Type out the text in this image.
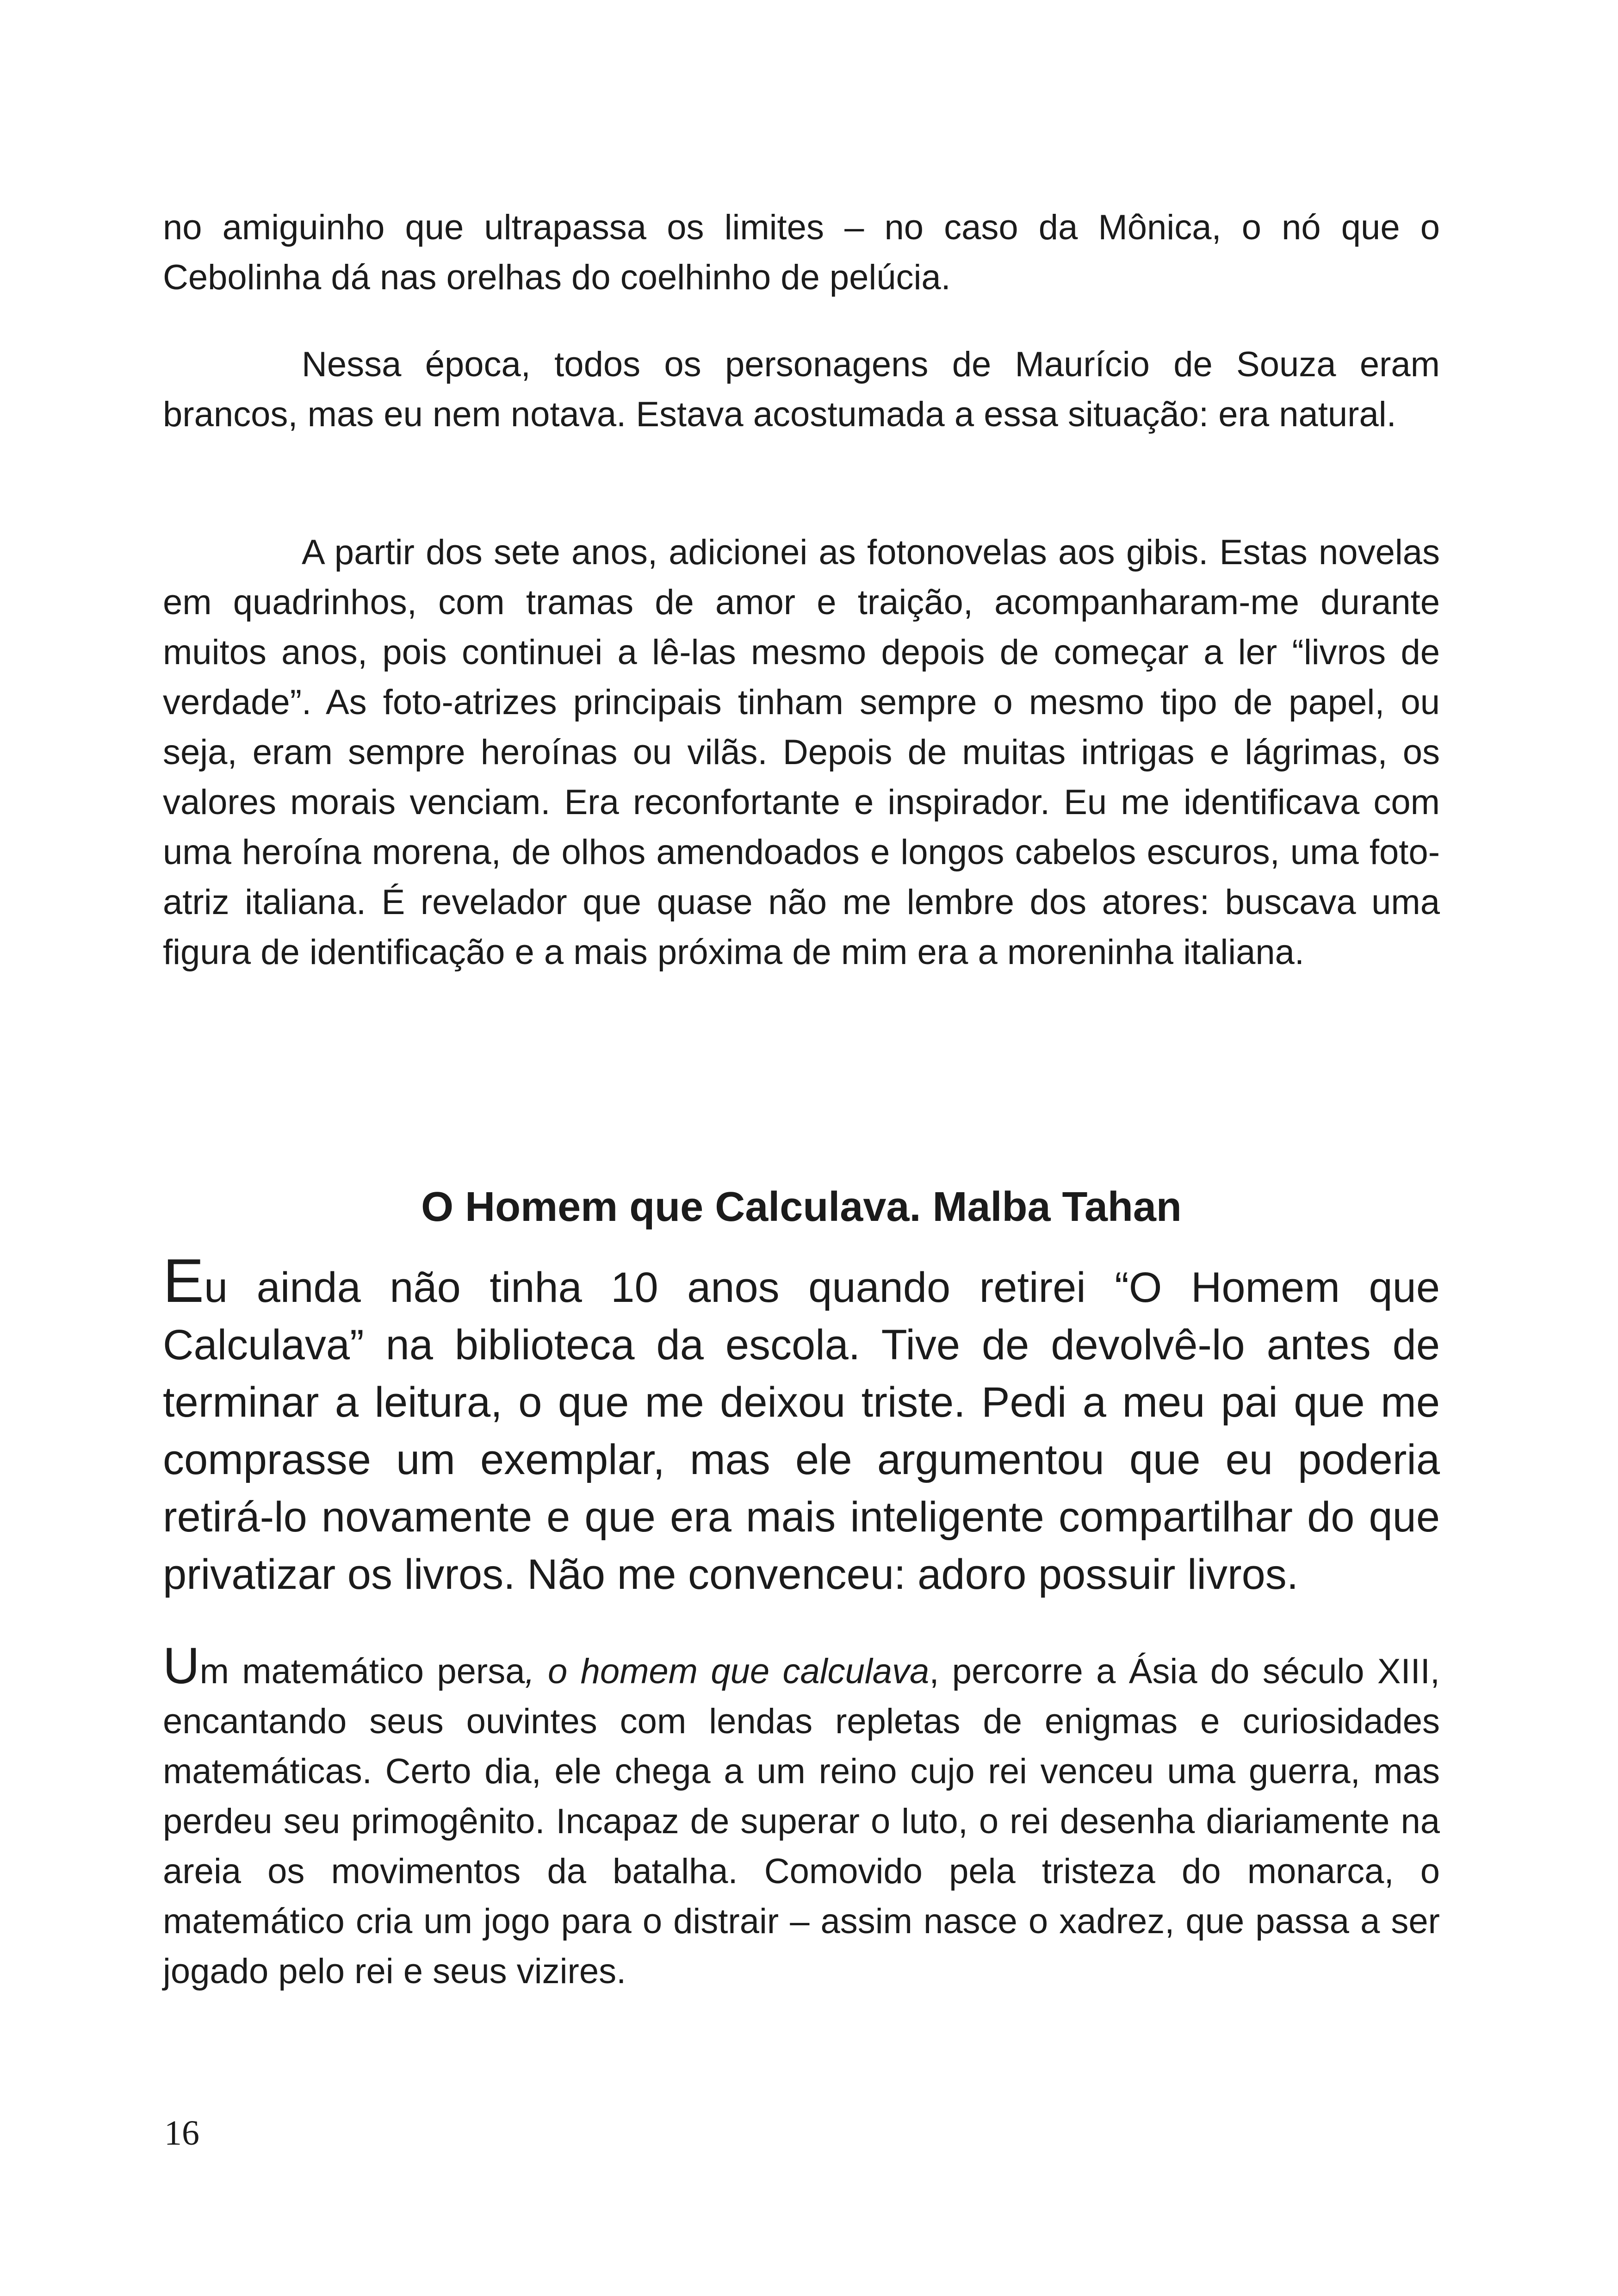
no amiguinho que ultrapassa os limites – no caso da Mônica, o nó que o Cebolinha dá nas orelhas do coelhinho de pelúcia.

Nessa época, todos os personagens de Maurício de Souza eram brancos, mas eu nem notava. Estava acostumada a essa situação: era natural.

A partir dos sete anos, adicionei as fotonovelas aos gibis. Estas novelas em quadrinhos, com tramas de amor e traição, acompanharam-me durante muitos anos, pois continuei a lê-las mesmo depois de começar a ler “livros de verdade”. As foto-atrizes principais tinham sempre o mesmo tipo de papel, ou seja, eram sempre heroínas ou vilãs. Depois de muitas intrigas e lágrimas, os valores morais venciam. Era reconfortante e inspirador. Eu me identificava com uma heroína morena, de olhos amendoados e longos cabelos escuros, uma foto-atriz italiana. É revelador que quase não me lembre dos atores: buscava uma figura de identificação e a mais próxima de mim era a moreninha italiana.

O Homem que Calculava. Malba Tahan

Eu ainda não tinha 10 anos quando retirei “O Homem que Calculava” na biblioteca da escola. Tive de devolvê-lo antes de terminar a leitura, o que me deixou triste. Pedi a meu pai que me comprasse um exemplar, mas ele argumentou que eu poderia retirá-lo novamente e que era mais inteligente compartilhar do que privatizar os livros. Não me convenceu: adoro possuir livros.

Um matemático persa, o homem que calculava, percorre a Ásia do século XIII, encantando seus ouvintes com lendas repletas de enigmas e curiosidades matemáticas. Certo dia, ele chega a um reino cujo rei venceu uma guerra, mas perdeu seu primogênito. Incapaz de superar o luto, o rei desenha diariamente na areia os movimentos da batalha. Comovido pela tristeza do monarca, o matemático cria um jogo para o distrair – assim nasce o xadrez, que passa a ser jogado pelo rei e seus vizires.

16
